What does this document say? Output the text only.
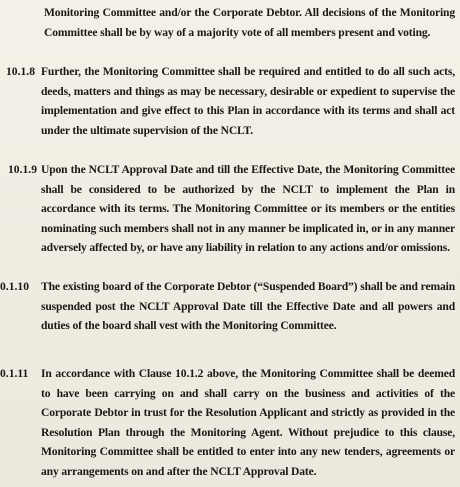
Monitoring Committee and/or the Corporate Debtor. All decisions of the Monitoring Committee shall be by way of a majority vote of all members present and voting.
10.1.8 Further, the Monitoring Committee shall be required and entitled to do all such acts, deeds, matters and things as may be necessary, desirable or expedient to supervise the implementation and give effect to this Plan in accordance with its terms and shall act under the ultimate supervision of the NCLT.
10.1.9 Upon the NCLT Approval Date and till the Effective Date, the Monitoring Committee shall be considered to be authorized by the NCLT to implement the Plan in accordance with its terms. The Monitoring Committee or its members or the entities nominating such members shall not in any manner be implicated in, or in any manner adversely affected by, or have any liability in relation to any actions and/or omissions.
0.1.10 The existing board of the Corporate Debtor (“Suspended Board”) shall be and remain suspended post the NCLT Approval Date till the Effective Date and all powers and duties of the board shall vest with the Monitoring Committee.
0.1.11 In accordance with Clause 10.1.2 above, the Monitoring Committee shall be deemed to have been carrying on and shall carry on the business and activities of the Corporate Debtor in trust for the Resolution Applicant and strictly as provided in the Resolution Plan through the Monitoring Agent. Without prejudice to this clause, Monitoring Committee shall be entitled to enter into any new tenders, agreements or any arrangements on and after the NCLT Approval Date.
